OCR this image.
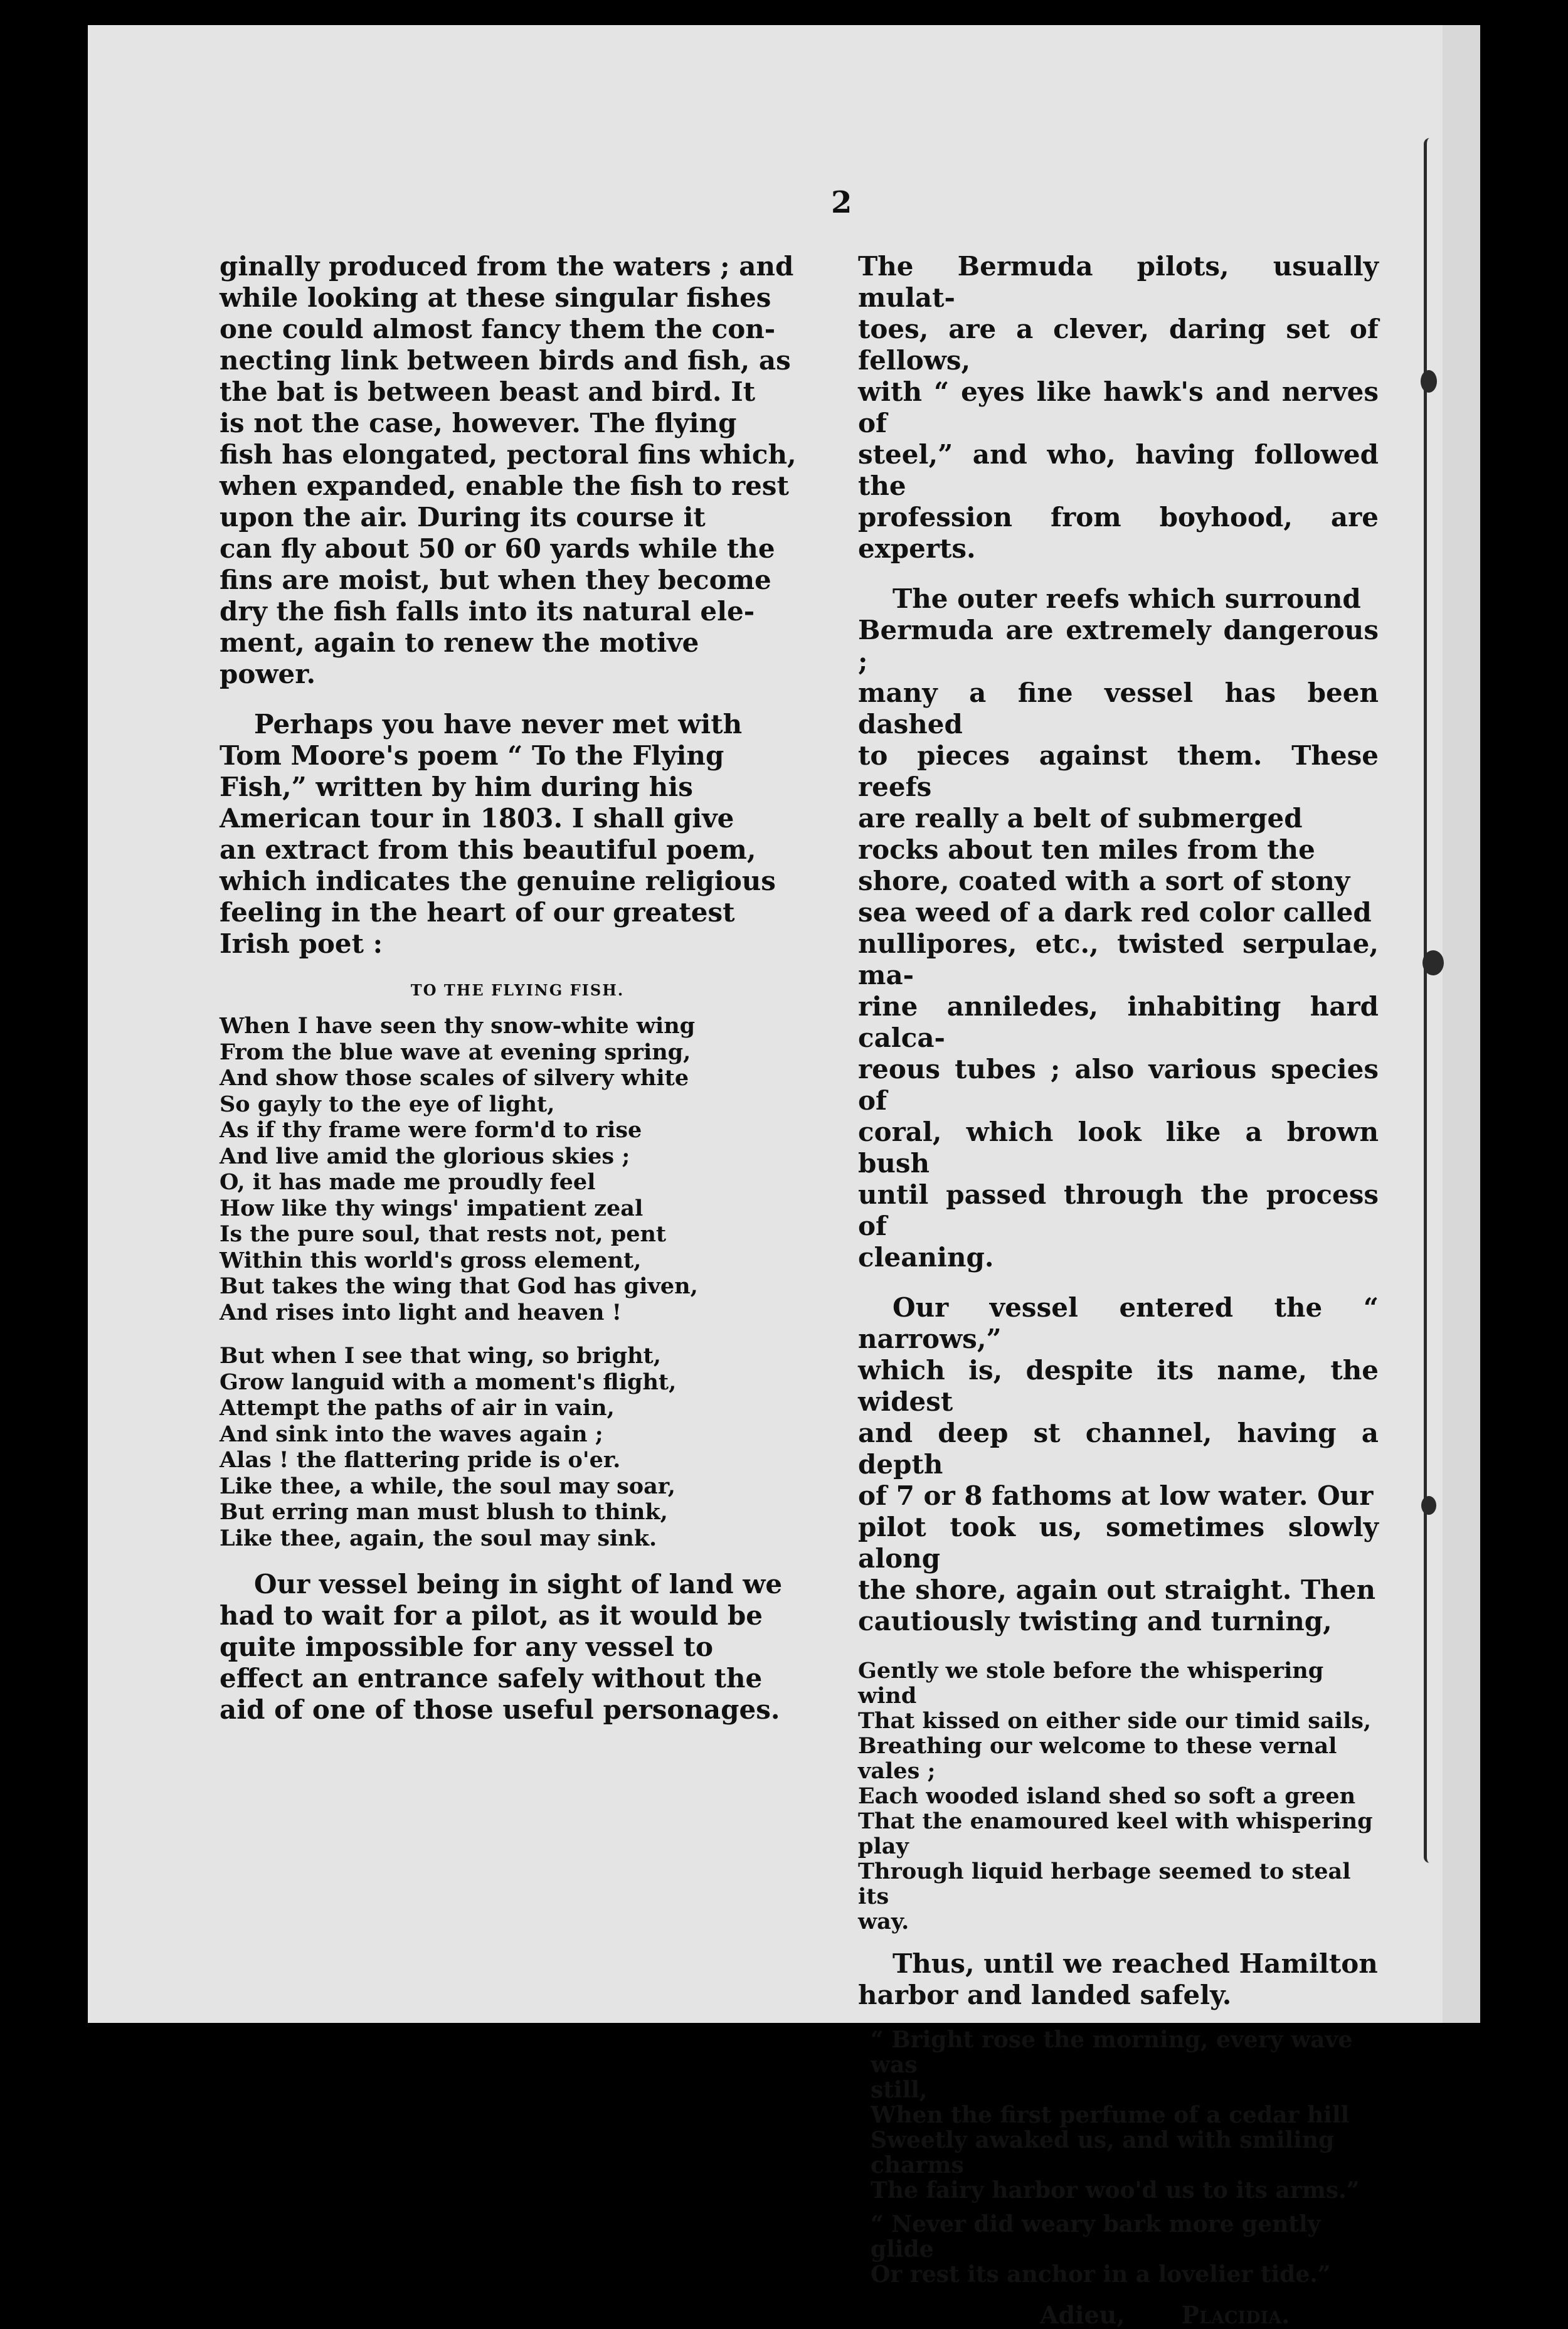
2

ginally produced from the waters ; and
while looking at these singular fishes
one could almost fancy them the con-
necting link between birds and fish, as
the bat is between beast and bird. It
is not the case, however. The flying
fish has elongated, pectoral fins which,
when expanded, enable the fish to rest
upon the air. During its course it
can fly about 50 or 60 yards while the
fins are moist, but when they become
dry the fish falls into its natural ele-
ment, again to renew the motive
power.

Perhaps you have never met with
Tom Moore's poem “ To the Flying
Fish,” written by him during his
American tour in 1803. I shall give
an extract from this beautiful poem,
which indicates the genuine religious
feeling in the heart of our greatest
Irish poet :

TO THE FLYING FISH.

When I have seen thy snow-white wing
From the blue wave at evening spring,
And show those scales of silvery white
So gayly to the eye of light,
As if thy frame were form'd to rise
And live amid the glorious skies ;
O, it has made me proudly feel
How like thy wings' impatient zeal
Is the pure soul, that rests not, pent
Within this world's gross element,
But takes the wing that God has given,
And rises into light and heaven !

But when I see that wing, so bright,
Grow languid with a moment's flight,
Attempt the paths of air in vain,
And sink into the waves again ;
Alas ! the flattering pride is o'er.
Like thee, a while, the soul may soar,
But erring man must blush to think,
Like thee, again, the soul may sink.

Our vessel being in sight of land we
had to wait for a pilot, as it would be
quite impossible for any vessel to
effect an entrance safely without the
aid of one of those useful personages.

The Bermuda pilots, usually mulat-
toes, are a clever, daring set of fellows,
with “ eyes like hawk's and nerves of
steel,” and who, having followed the
profession from boyhood, are experts.

The outer reefs which surround
Bermuda are extremely dangerous ;
many a fine vessel has been dashed
to pieces against them. These reefs
are really a belt of submerged
rocks about ten miles from the
shore, coated with a sort of stony
sea weed of a dark red color called
nullipores, etc., twisted serpulae, ma-
rine anniledes, inhabiting hard calca-
reous tubes ; also various species of
coral, which look like a brown bush
until passed through the process of
cleaning.

Our vessel entered the “ narrows,”
which is, despite its name, the widest
and deep st channel, having a depth
of 7 or 8 fathoms at low water. Our
pilot took us, sometimes slowly along
the shore, again out straight. Then
cautiously twisting and turning,

Gently we stole before the whispering wind
That kissed on either side our timid sails,
Breathing our welcome to these vernal
vales ;
Each wooded island shed so soft a green
That the enamoured keel with whispering
play
Through liquid herbage seemed to steal its
way.

Thus, until we reached Hamilton
harbor and landed safely.

“ Bright rose the morning, every wave was
still,
When the first perfume of a cedar hill
Sweetly awaked us, and with smiling
charms
The fairy harbor woo'd us to its arms.”

“ Never did weary bark more gently glide
Or rest its anchor in a lovelier tide.”

Adieu, Placidia.
